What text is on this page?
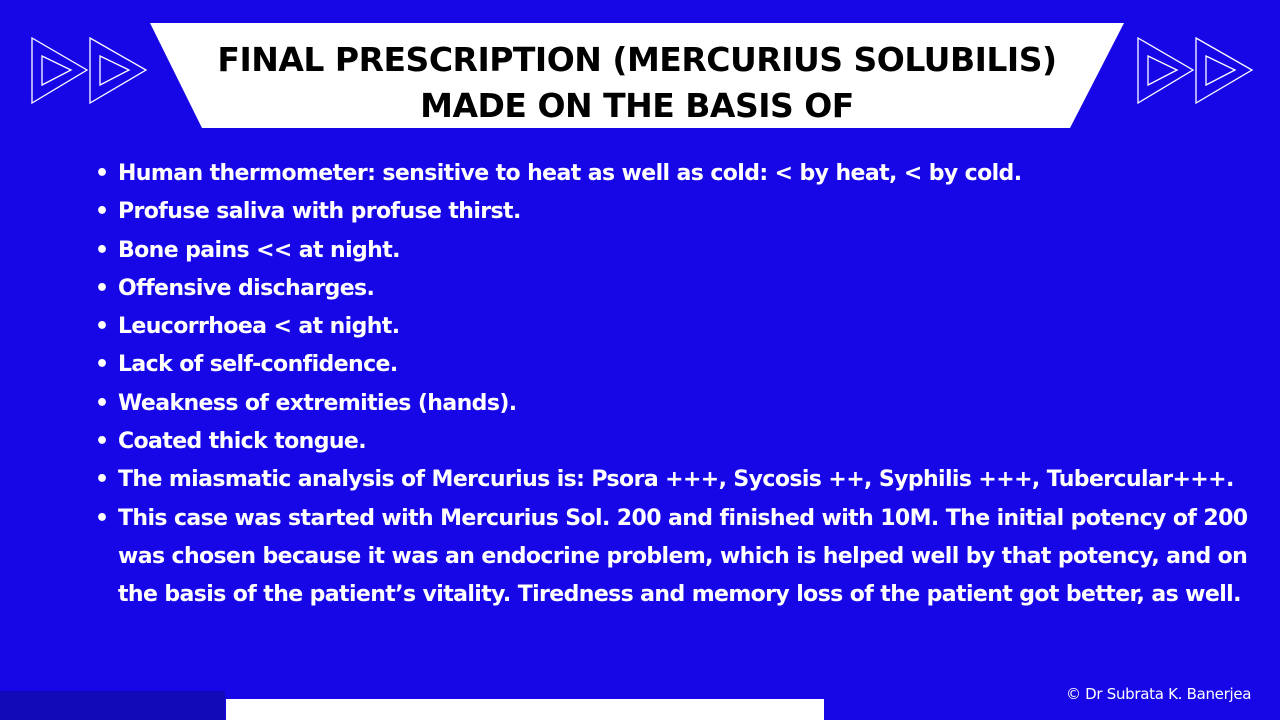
FINAL PRESCRIPTION (MERCURIUS SOLUBILIS)
MADE ON THE BASIS OF
• Human thermometer: sensitive to heat as well as cold: < by heat, < by cold.
• Profuse saliva with profuse thirst.
• Bone pains << at night.
• Offensive discharges.
• Leucorrhoea < at night.
• Lack of self-confidence.
• Weakness of extremities (hands).
• Coated thick tongue.
• The miasmatic analysis of Mercurius is: Psora +++, Sycosis ++, Syphilis +++, Tubercular+++.
• This case was started with Mercurius Sol. 200 and finished with 10M. The initial potency of 200 was chosen because it was an endocrine problem, which is helped well by that potency, and on the basis of the patient’s vitality. Tiredness and memory loss of the patient got better, as well.
© Dr Subrata K. Banerjea
